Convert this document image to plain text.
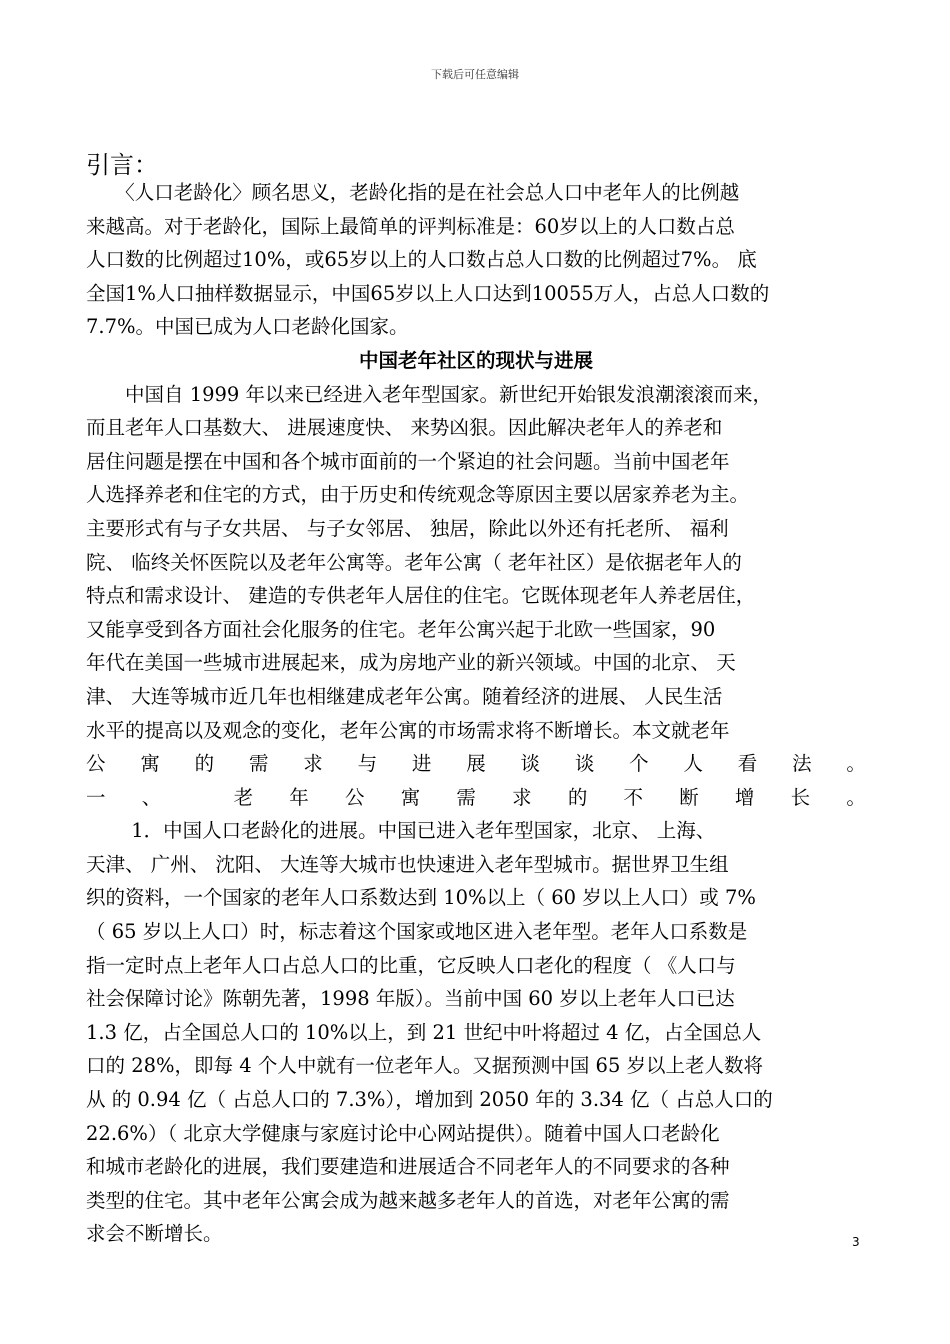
下载后可任意编辑
引言：
　　〈人口老龄化〉顾名思义，老龄化指的是在社会总人口中老年人的比例越
来越高。对于老龄化，国际上最简单的评判标准是：60岁以上的人口数占总
人口数的比例超过10%，或65岁以上的人口数占总人口数的比例超过7%。 底
全国1%人口抽样数据显示，中国65岁以上人口达到10055万人，占总人口数的
7.7%。中国已成为人口老龄化国家。
中国老年社区的现状与进展
　　中国自 1999 年以来已经进入老年型国家。新世纪开始银发浪潮滚滚而来，
而且老年人口基数大、 进展速度快、 来势凶狠。因此解决老年人的养老和
居住问题是摆在中国和各个城市面前的一个紧迫的社会问题。当前中国老年
人选择养老和住宅的方式，由于历史和传统观念等原因主要以居家养老为主。
主要形式有与子女共居、 与子女邻居、 独居，除此以外还有托老所、 福利
院、 临终关怀医院以及老年公寓等。老年公寓（ 老年社区）是依据老年人的
特点和需求设计、 建造的专供老年人居住的住宅。它既体现老年人养老居住，
又能享受到各方面社会化服务的住宅。老年公寓兴起于北欧一些国家，90
年代在美国一些城市进展起来，成为房地产业的新兴领域。中国的北京、 天
津、 大连等城市近几年也相继建成老年公寓。随着经济的进展、 人民生活
水平的提高以及观念的变化，老年公寓的市场需求将不断增长。本文就老年
公 寓 的 需 求 与 进 展 谈 谈 个 人 看 法 。
一 、	老 年 公 寓 需 求 的 不 断 增 长 。
　　 1．中国人口老龄化的进展。中国已进入老年型国家，北京、 上海、
天津、 广州、 沈阳、 大连等大城市也快速进入老年型城市。据世界卫生组
织的资料，一个国家的老年人口系数达到 10%以上（ 60 岁以上人口）或 7%
（ 65 岁以上人口）时，标志着这个国家或地区进入老年型。老年人口系数是
指一定时点上老年人口占总人口的比重，它反映人口老化的程度（ 《人口与
社会保障讨论》陈朝先著，1998 年版）。当前中国 60 岁以上老年人口已达
1.3 亿，占全国总人口的 10%以上，到 21 世纪中叶将超过 4 亿，占全国总人
口的 28%，即每 4 个人中就有一位老年人。又据预测中国 65 岁以上老人数将
从 的 0.94 亿（ 占总人口的 7.3%），增加到 2050 年的 3.34 亿（ 占总人口的
22.6%）（ 北京大学健康与家庭讨论中心网站提供）。随着中国人口老龄化
和城市老龄化的进展，我们要建造和进展适合不同老年人的不同要求的各种
类型的住宅。其中老年公寓会成为越来越多老年人的首选，对老年公寓的需
求会不断增长。	3
